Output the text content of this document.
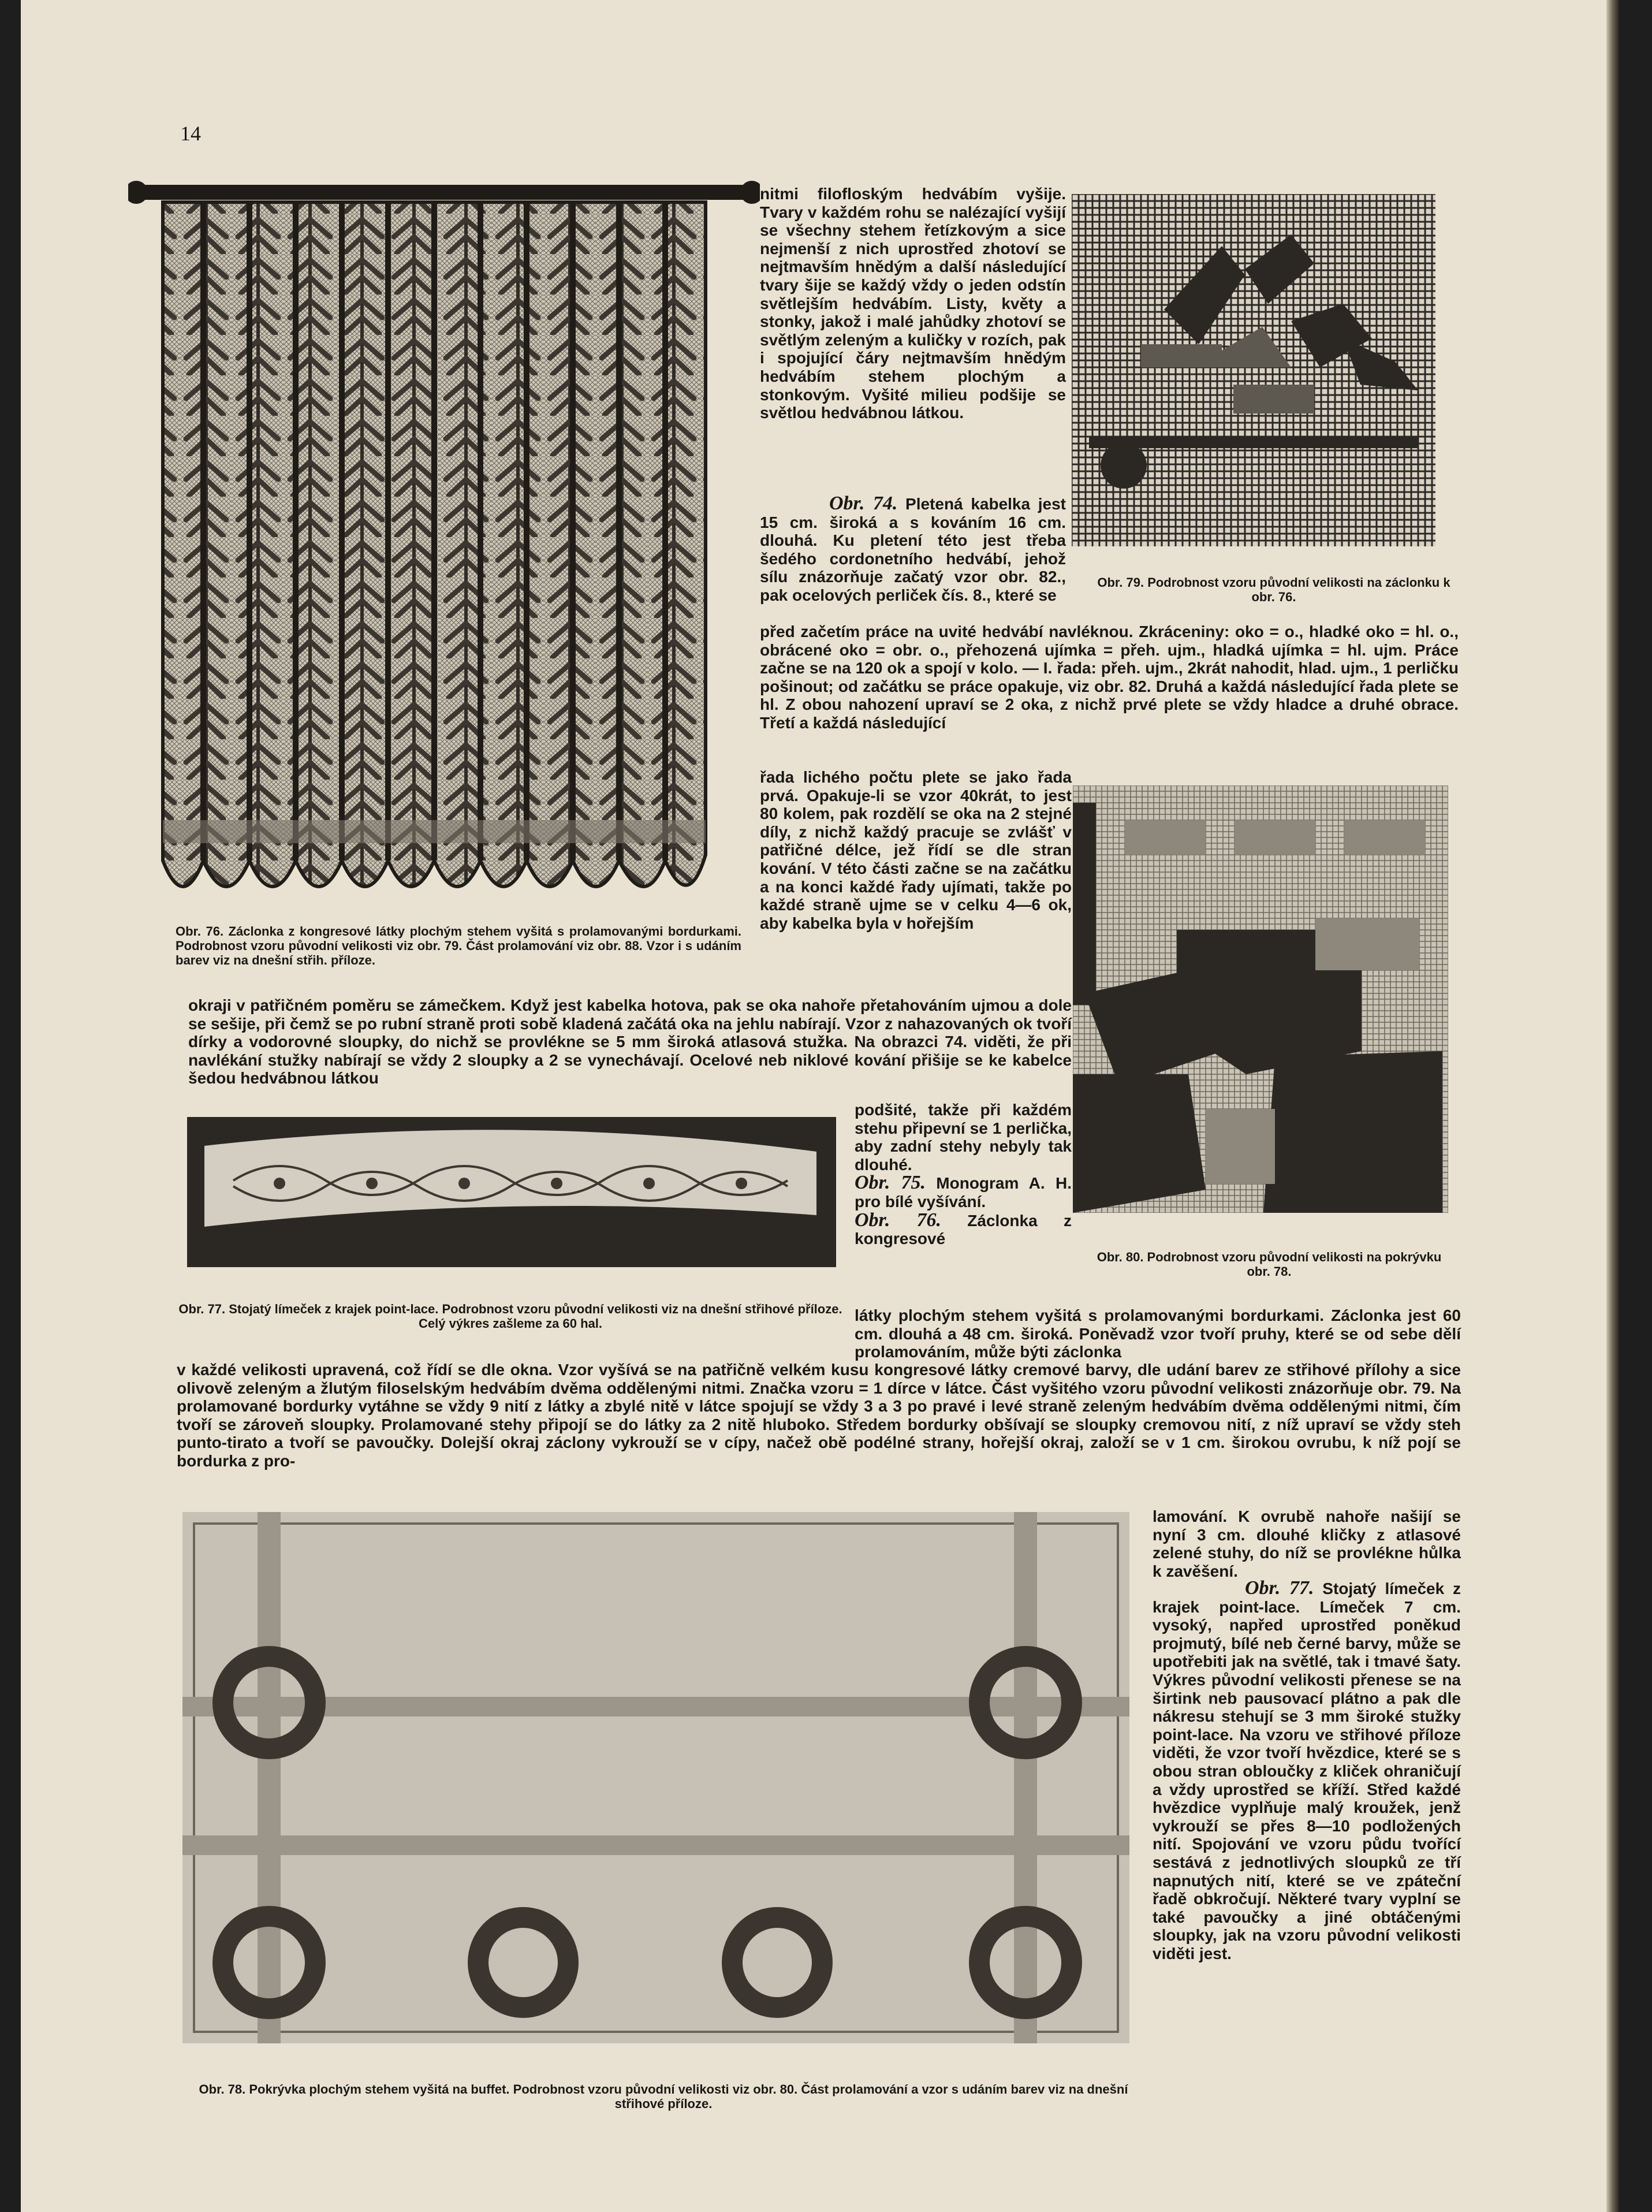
14

Obr. 76. Záclonka z kongresové látky plochým stehem vyšitá s prolamovanými bordurkami. Podrobnost vzoru původní velikosti viz obr. 79. Část prolamování viz obr. 88. Vzor i s udáním barev viz na dnešní střih. příloze.

nitmi filofloským hedvábím vyšije. Tvary v každém rohu se nalézající vyšijí se všechny stehem řetízkovým a sice nejmenší z nich uprostřed zhotoví se nejtmavším hnědým a další následující tvary šije se každý vždy o jeden odstín světlejším hedvábím. Listy, květy a stonky, jakož i malé jahůdky zhotoví se světlým zeleným a kuličky v rozích, pak i spojující čáry nejtmavším hnědým hedvábím stehem plochým a stonkovým. Vyšité milieu podšije se světlou hedvábnou látkou.

Obr. 74. Pletená kabelka jest 15 cm. široká a s kováním 16 cm. dlouhá. Ku pletení této jest třeba šedého cordonetního hedvábí, jehož sílu znázorňuje začatý vzor obr. 82., pak ocelových perliček čís. 8., které se

Obr. 79. Podrobnost vzoru původní velikosti na záclonku k obr. 76.

před začetím práce na uvité hedvábí navléknou. Zkráceniny: oko = o., hladké oko = hl. o., obrácené oko = obr. o., přehozená ujímka = přeh. ujm., hladká ujímka = hl. ujm. Práce začne se na 120 ok a spojí v kolo. — I. řada: přeh. ujm., 2krát nahodit, hlad. ujm., 1 perličku pošinout; od začátku se práce opakuje, viz obr. 82. Druhá a každá následující řada plete se hl. Z obou nahození upraví se 2 oka, z nichž prvé plete se vždy hladce a druhé obrace. Třetí a každá následující

řada lichého počtu plete se jako řada prvá. Opakuje-li se vzor 40krát, to jest 80 kolem, pak rozdělí se oka na 2 stejné díly, z nichž každý pracuje se zvlášť v patřičné délce, jež řídí se dle stran kování. V této části začne se na začátku a na konci každé řady ujímati, takže po každé straně ujme se v celku 4—6 ok, aby kabelka byla v hořejším

Obr. 80. Podrobnost vzoru původní velikosti na pokrývku obr. 78.

okraji v patřičném poměru se zámečkem. Když jest kabelka hotova, pak se oka nahoře přetahováním ujmou a dole se sešije, při čemž se po rubní straně proti sobě kladená začátá oka na jehlu nabírají. Vzor z nahazovaných ok tvoří dírky a vodorovné sloupky, do nichž se provlékne se 5 mm široká atlasová stužka. Na obrazci 74. viděti, že při navlékání stužky nabírají se vždy 2 sloupky a 2 se vynechávají. Ocelové neb niklové kování přišije se ke kabelce šedou hedvábnou látkou

Obr. 77. Stojatý límeček z krajek point-lace. Podrobnost vzoru původní velikosti viz na dnešní střihové příloze. Celý výkres zašleme za 60 hal.

podšité, takže při každém stehu připevní se 1 perlička, aby zadní stehy nebyly tak dlouhé.
Obr. 75. Monogram A. H. pro bílé vyšívání.
Obr. 76. Záclonka z kongresové

látky plochým stehem vyšitá s prolamovanými bordurkami. Záclonka jest 60 cm. dlouhá a 48 cm. široká. Poněvadž vzor tvoří pruhy, které se od sebe dělí prolamováním, může býti záclonka

v každé velikosti upravená, což řídí se dle okna. Vzor vyšívá se na patřičně velkém kusu kongresové látky cremové barvy, dle udání barev ze střihové přílohy a sice olivově zeleným a žlutým filoselským hedvábím dvěma oddělenými nitmi. Značka vzoru = 1 dírce v látce. Část vyšitého vzoru původní velikosti znázorňuje obr. 79. Na prolamované bordurky vytáhne se vždy 9 nití z látky a zbylé nitě v látce spojují se vždy 3 a 3 po pravé i levé straně zeleným hedvábím dvěma oddělenými nitmi, čím tvoří se zároveň sloupky. Prolamované stehy připojí se do látky za 2 nitě hluboko. Středem bordurky obšívají se sloupky cremovou nití, z níž upraví se vždy steh punto-tirato a tvoří se pavoučky. Dolejší okraj záclony vykrouží se v cípy, načež obě podélné strany, hořejší okraj, založí se v 1 cm. širokou ovrubu, k níž pojí se bordurka z pro-

Obr. 78. Pokrývka plochým stehem vyšitá na buffet. Podrobnost vzoru původní velikosti viz obr. 80. Část prolamování a vzor s udáním barev viz na dnešní střihové příloze.

lamování. K ovrubě nahoře našijí se nyní 3 cm. dlouhé kličky z atlasové zelené stuhy, do níž se provlékne hůlka k zavěšení.

Obr. 77. Stojatý límeček z krajek point-lace. Límeček 7 cm. vysoký, napřed uprostřed poněkud projmutý, bílé neb černé barvy, může se upotřebiti jak na světlé, tak i tmavé šaty. Výkres původní velikosti přenese se na širtink neb pausovací plátno a pak dle nákresu stehují se 3 mm široké stužky point-lace. Na vzoru ve střihové příloze viděti, že vzor tvoří hvězdice, které se s obou stran obloučky z kliček ohraničují a vždy uprostřed se kříží. Střed každé hvězdice vyplňuje malý kroužek, jenž vykrouží se přes 8—10 podložených nití. Spojování ve vzoru půdu tvořící sestává z jednotlivých sloupků ze tří napnutých nití, které se ve zpáteční řadě obkročují. Některé tvary vyplní se také pavoučky a jiné obtáčenými sloupky, jak na vzoru původní velikosti viděti jest.
